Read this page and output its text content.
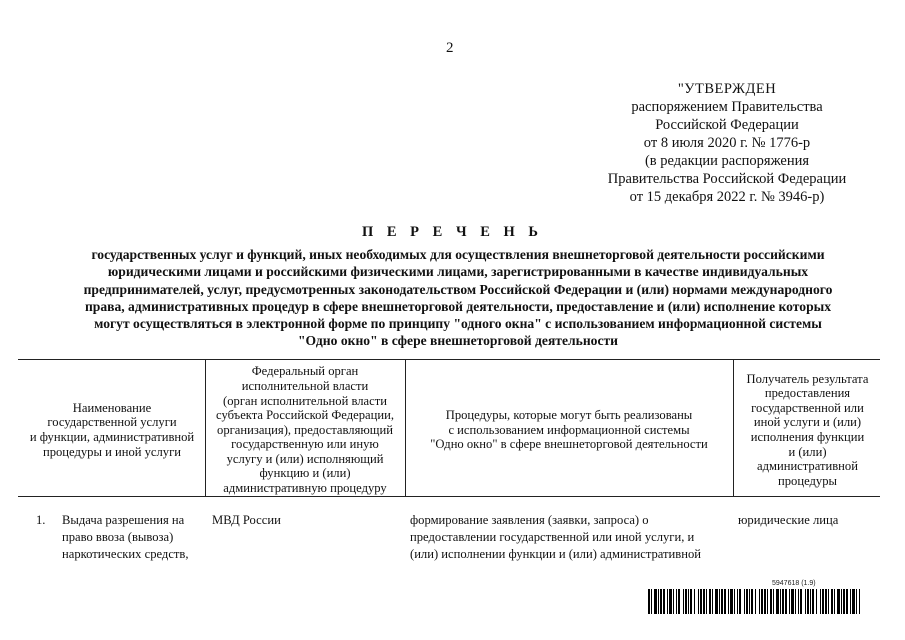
2
"УТВЕРЖДЕН
распоряжением Правительства
Российской Федерации
от 8 июля 2020 г. № 1776-р
(в редакции распоряжения
Правительства Российской Федерации
от 15 декабря 2022 г. № 3946-р)
П Е Р Е Ч Е Н Ь
государственных услуг и функций, иных необходимых для осуществления внешнеторговой деятельности российскими
юридическими лицами и российскими физическими лицами, зарегистрированными в качестве индивидуальных
предпринимателей, услуг, предусмотренных законодательством Российской Федерации и (или) нормами международного
права, административных процедур в сфере внешнеторговой деятельности, предоставление и (или) исполнение которых
могут осуществляться в электронной форме по принципу "одного окна" с использованием информационной системы
"Одно окно" в сфере внешнеторговой деятельности
Наименование
государственной услуги
и функции, административной
процедуры и иной услуги
Федеральный орган
исполнительной власти
(орган исполнительной власти
субъекта Российской Федерации,
организация), предоставляющий
государственную или иную
услугу и (или) исполняющий
функцию и (или)
административную процедуру
Процедуры, которые могут быть реализованы
с использованием информационной системы
"Одно окно" в сфере внешнеторговой деятельности
Получатель результата
предоставления
государственной или
иной услуги и (или)
исполнения функции
и (или)
административной
процедуры
1. Выдача разрешения на
право ввоза (вывоза)
наркотических средств,
МВД России	формирование заявления (заявки, запроса) о
предоставлении государственной или иной услуги, и
(или) исполнении функции и (или) административной
юридические лица
5947618 (1.9)
